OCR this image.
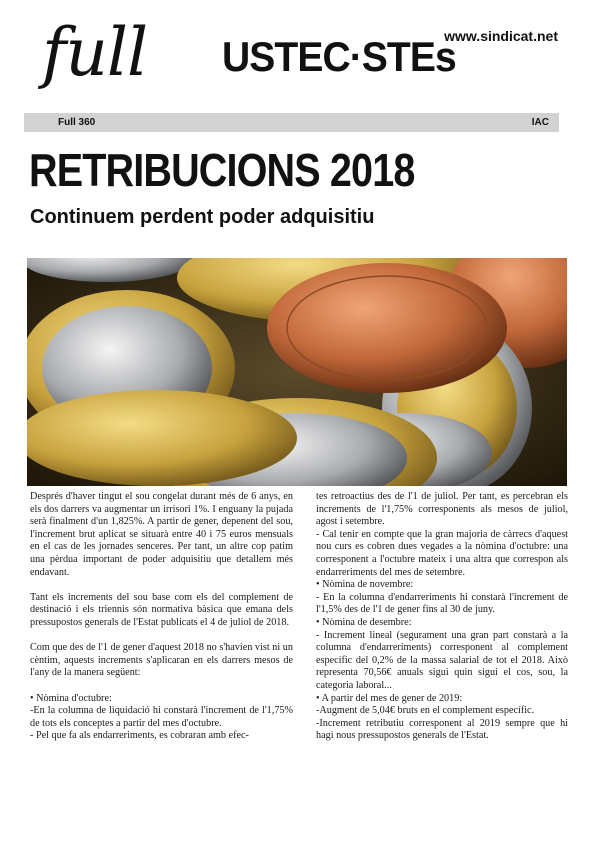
full USTEC·STEs
www.sindicat.net
Full 360	IAC
RETRIBUCIONS 2018
Continuem perdent poder adquisitiu

Després d'haver tingut el sou congelat durant més de 6 anys, en els dos darrers va augmentar un irrisori 1%. I enguany la pujada serà finalment d'un 1,825%. A partir de gener, depenent del sou, l'increment brut aplicat se situarà entre 40 i 75 euros mensuals en el cas de les jornades senceres. Per tant, un altre cop patim una pèrdua important de poder adquisitiu que detallem més endavant.

Tant els increments del sou base com els del complement de destinació i els triennis són normativa bàsica que emana dels pressupostos generals de l'Estat publicats el 4 de juliol de 2018.

Com que des de l'1 de gener d'aquest 2018 no s'havien vist ni un cèntim, aquests increments s'aplicaran en els darrers mesos de l'any de la manera següent:

• Nòmina d'octubre:

-En la columna de liquidació hi constarà l'increment de l'1,75% de tots els conceptes a partir del mes d'octubre.

- Pel que fa als endarreriments, es cobraran amb efec-

tes retroactius des de l'1 de juliol. Per tant, es percebran els increments de l'1,75% corresponents als mesos de juliol, agost i setembre.

- Cal tenir en compte que la gran majoria de càrrecs d'aquest nou curs es cobren dues vegades a la nòmina d'octubre: una corresponent a l'octubre mateix i una altra que correspon als endarreriments del mes de setembre.

• Nòmina de novembre:

- En la columna d'endarreriments hi constarà l'increment de l'1,5% des de l'1 de gener fins al 30 de juny.

• Nòmina de desembre:

- Increment lineal (segurament una gran part constarà a la columna d'endarreriments) corresponent al complement específic del 0,2% de la massa salarial de tot el 2018. Això representa 70,56€ anuals sigui quin sigui el cos, sou, la categoria laboral...

• A partir del mes de gener de 2019:

-Augment de 5,04€ bruts en el complement específic.

-Increment retributiu corresponent al 2019 sempre que hi hagi nous pressupostos generals de l'Estat.
